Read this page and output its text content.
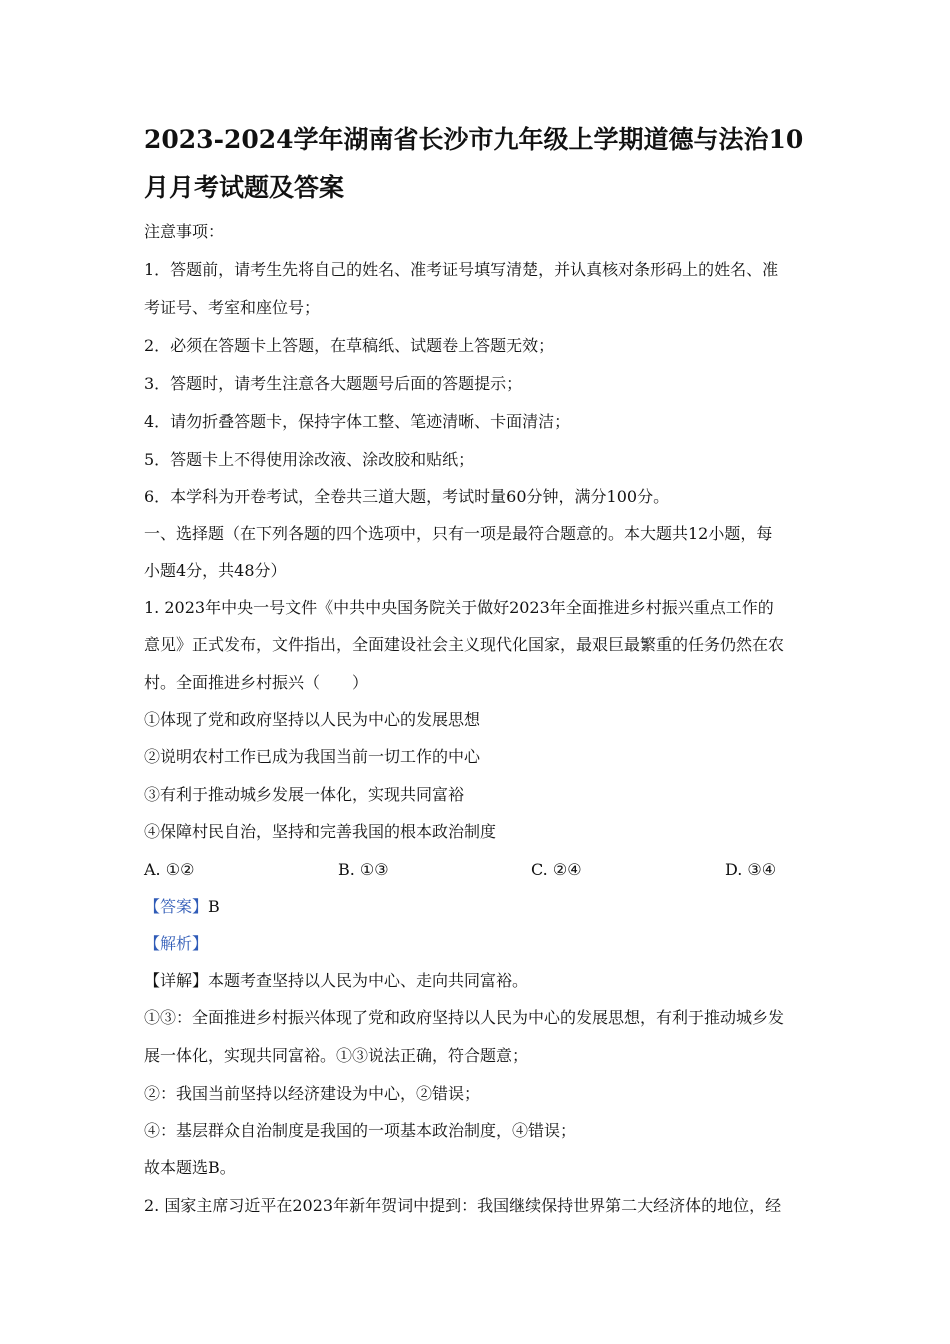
2023-2024学年湖南省长沙市九年级上学期道德与法治10
月月考试题及答案
注意事项：
1．答题前，请考生先将自己的姓名、准考证号填写清楚，并认真核对条形码上的姓名、准
考证号、考室和座位号；
2．必须在答题卡上答题，在草稿纸、试题卷上答题无效；
3．答题时，请考生注意各大题题号后面的答题提示；
4．请勿折叠答题卡，保持字体工整、笔迹清晰、卡面清洁；
5．答题卡上不得使用涂改液、涂改胶和贴纸；
6．本学科为开卷考试，全卷共三道大题，考试时量60分钟，满分100分。
一、选择题（在下列各题的四个选项中，只有一项是最符合题意的。本大题共12小题，每
小题4分，共48分）
1. 2023年中央一号文件《中共中央国务院关于做好2023年全面推进乡村振兴重点工作的
意见》正式发布，文件指出，全面建设社会主义现代化国家，最艰巨最繁重的任务仍然在农
村。全面推进乡村振兴（　　）
①体现了党和政府坚持以人民为中心的发展思想
②说明农村工作已成为我国当前一切工作的中心
③有利于推动城乡发展一体化，实现共同富裕
④保障村民自治，坚持和完善我国的根本政治制度
A. ①②	B. ①③	C. ②④	D. ③④
【答案】B
【解析】
【详解】本题考查坚持以人民为中心、走向共同富裕。
①③：全面推进乡村振兴体现了党和政府坚持以人民为中心的发展思想，有利于推动城乡发
展一体化，实现共同富裕。①③说法正确，符合题意；
②：我国当前坚持以经济建设为中心，②错误；
④：基层群众自治制度是我国的一项基本政治制度，④错误；
故本题选B。
2. 国家主席习近平在2023年新年贺词中提到：我国继续保持世界第二大经济体的地位，经
